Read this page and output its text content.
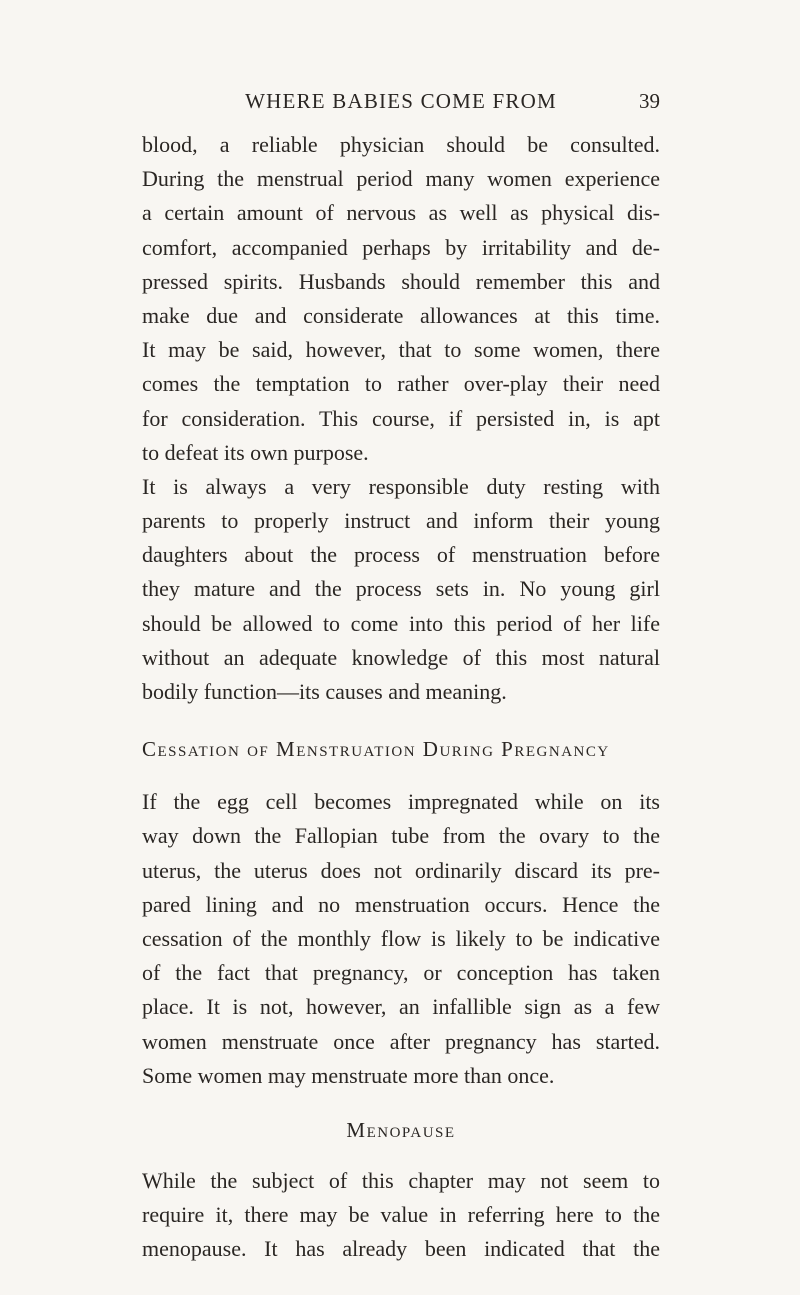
WHERE BABIES COME FROM	39
blood, a reliable physician should be consulted.
During the menstrual period many women experience
a certain amount of nervous as well as physical dis-
comfort, accompanied perhaps by irritability and de-
pressed spirits. Husbands should remember this and
make due and considerate allowances at this time.
It may be said, however, that to some women, there
comes the temptation to rather over-play their need
for consideration. This course, if persisted in, is apt
to defeat its own purpose.
It is always a very responsible duty resting with
parents to properly instruct and inform their young
daughters about the process of menstruation before
they mature and the process sets in. No young girl
should be allowed to come into this period of her life
without an adequate knowledge of this most natural
bodily function—its causes and meaning.
Cessation of Menstruation During Pregnancy
If the egg cell becomes impregnated while on its
way down the Fallopian tube from the ovary to the
uterus, the uterus does not ordinarily discard its pre-
pared lining and no menstruation occurs. Hence the
cessation of the monthly flow is likely to be indicative
of the fact that pregnancy, or conception has taken
place. It is not, however, an infallible sign as a few
women menstruate once after pregnancy has started.
Some women may menstruate more than once.
Menopause
While the subject of this chapter may not seem to
require it, there may be value in referring here to the
menopause. It has already been indicated that the
